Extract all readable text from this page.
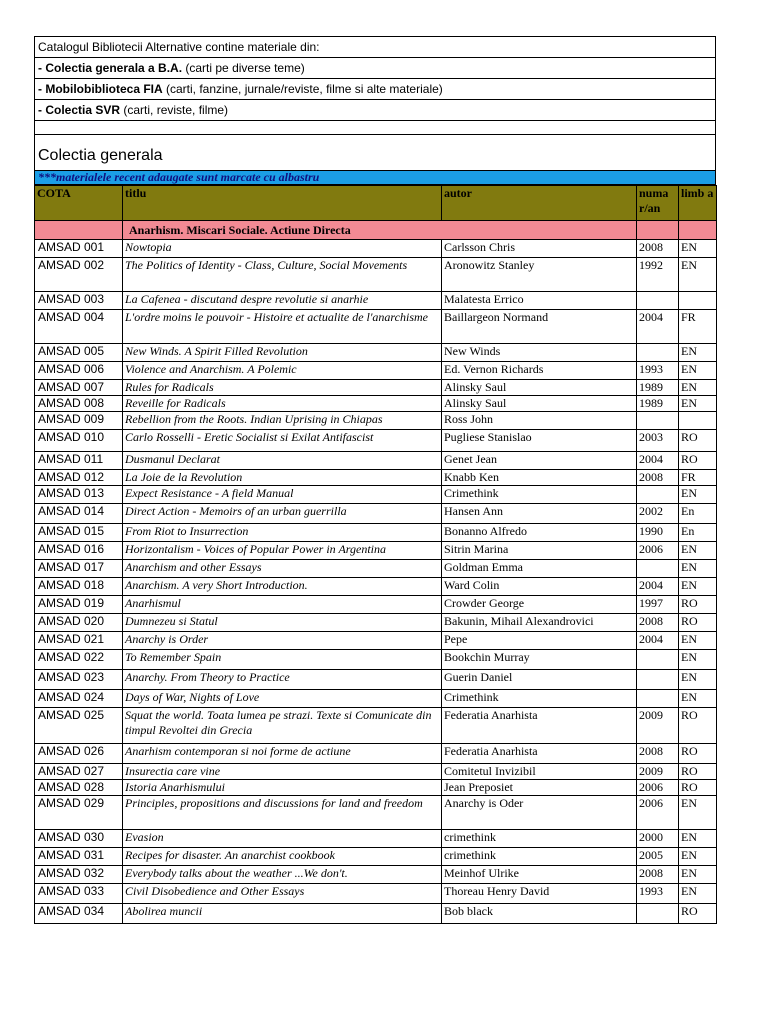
Catalogul Bibliotecii Alternative contine materiale din:
- Colectia generala a B.A. (carti pe diverse teme)
- Mobilobiblioteca FIA (carti, fanzine, jurnale/reviste, filme si alte materiale)
- Colectia SVR (carti, reviste, filme)

Colectia generala
***materialele recent adaugate sunt marcate cu albastru
COTA	titlu	autor	numa r/an	limb a
	Anarhism. Miscari Sociale. Actiune Directa			
AMSAD 001	Nowtopia	Carlsson Chris	2008	EN
AMSAD 002	The Politics of Identity - Class, Culture, Social Movements	Aronowitz Stanley	1992	EN
AMSAD 003	La Cafenea - discutand despre revolutie si anarhie	Malatesta Errico		
AMSAD 004	L'ordre moins le pouvoir - Histoire et actualite de l'anarchisme	Baillargeon Normand	2004	FR
AMSAD 005	New Winds. A Spirit Filled Revolution	New Winds		EN
AMSAD 006	Violence and Anarchism. A Polemic	Ed. Vernon Richards	1993	EN
AMSAD 007	Rules for Radicals	Alinsky Saul	1989	EN
AMSAD 008	Reveille for Radicals	Alinsky Saul	1989	EN
AMSAD 009	Rebellion from the Roots. Indian Uprising in Chiapas	Ross John		
AMSAD 010	Carlo Rosselli - Eretic Socialist si Exilat Antifascist	Pugliese Stanislao	2003	RO
AMSAD 011	Dusmanul Declarat	Genet Jean	2004	RO
AMSAD 012	La Joie de la Revolution	Knabb Ken	2008	FR
AMSAD 013	Expect Resistance - A field Manual	Crimethink		EN
AMSAD 014	Direct Action - Memoirs of an urban guerrilla	Hansen Ann	2002	En
AMSAD 015	From Riot to Insurrection	Bonanno Alfredo	1990	En
AMSAD 016	Horizontalism - Voices of Popular Power in Argentina	Sitrin Marina	2006	EN
AMSAD 017	Anarchism and other Essays	Goldman Emma		EN
AMSAD 018	Anarchism. A very Short Introduction.	Ward Colin	2004	EN
AMSAD 019	Anarhismul	Crowder George	1997	RO
AMSAD 020	Dumnezeu si Statul	Bakunin, Mihail Alexandrovici	2008	RO
AMSAD 021	Anarchy is Order	Pepe	2004	EN
AMSAD 022	To Remember Spain	Bookchin Murray		EN
AMSAD 023	Anarchy. From Theory to Practice	Guerin Daniel		EN
AMSAD 024	Days of War, Nights of Love	Crimethink		EN
AMSAD 025	Squat the world. Toata lumea pe strazi. Texte si Comunicate din timpul Revoltei din Grecia	Federatia Anarhista	2009	RO
AMSAD 026	Anarhism contemporan si noi forme de actiune	Federatia Anarhista	2008	RO
AMSAD 027	Insurectia care vine	Comitetul Invizibil	2009	RO
AMSAD 028	Istoria Anarhismului	Jean Preposiet	2006	RO
AMSAD 029	Principles, propositions and discussions for land and freedom	Anarchy is Oder	2006	EN
AMSAD 030	Evasion	crimethink	2000	EN
AMSAD 031	Recipes for disaster. An anarchist cookbook	crimethink	2005	EN
AMSAD 032	Everybody talks about the weather ...We don't.	Meinhof Ulrike	2008	EN
AMSAD 033	Civil Disobedience and Other Essays	Thoreau Henry David	1993	EN
AMSAD 034	Abolirea muncii	Bob black		RO
